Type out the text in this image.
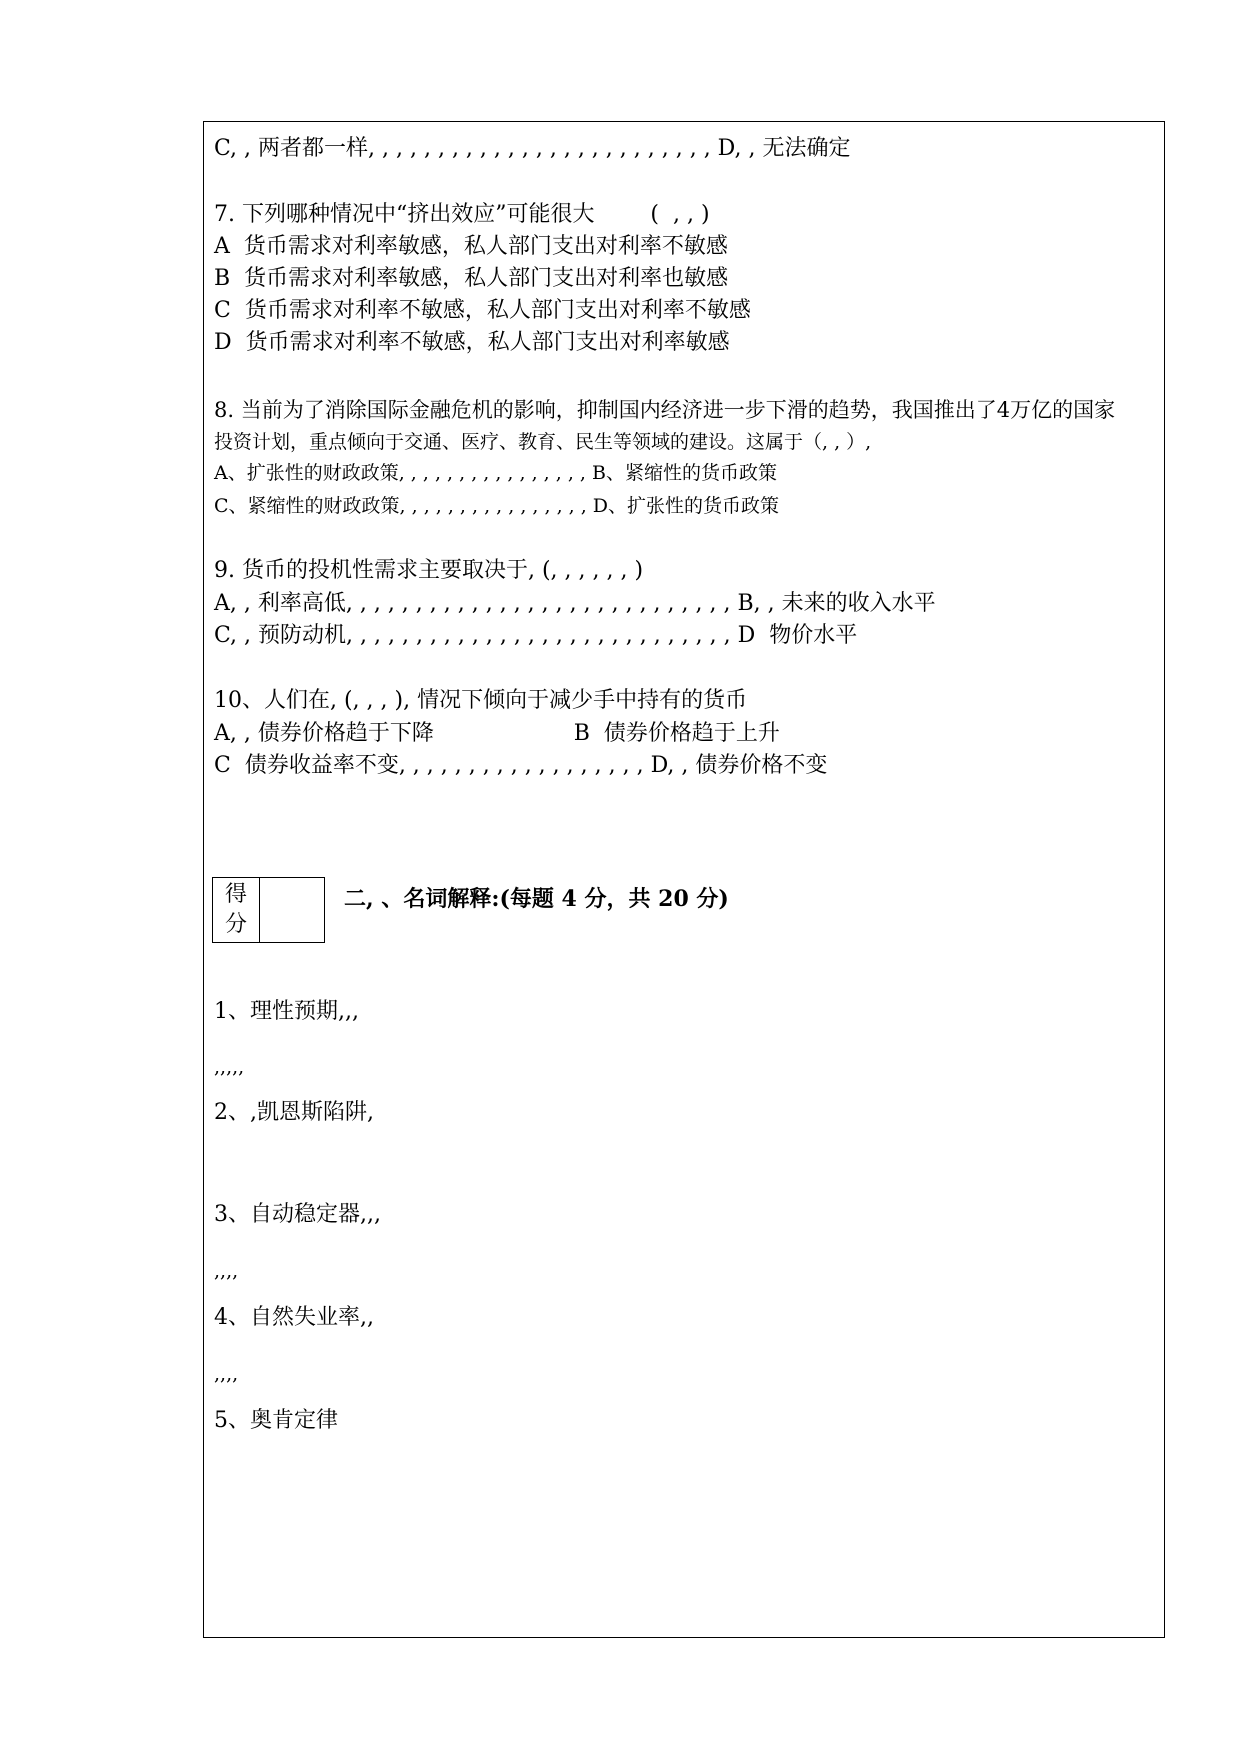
C, , 两者都一样, , , , , , , , , , , , , , , , , , , , , , , , , D, , 无法确定
7. 下列哪种情况中“挤出效应”可能很大        (  , , )
A  货币需求对利率敏感，私人部门支出对利率不敏感
B  货币需求对利率敏感，私人部门支出对利率也敏感
C  货币需求对利率不敏感，私人部门支出对利率不敏感
D  货币需求对利率不敏感，私人部门支出对利率敏感
8. 当前为了消除国际金融危机的影响，抑制国内经济进一步下滑的趋势，我国推出了4万亿的国家
投资计划，重点倾向于交通、医疗、教育、民生等领域的建设。这属于（, , ）,
A、扩张性的财政政策, , , , , , , , , , , , , , , , B、紧缩性的货币政策
C、紧缩性的财政政策, , , , , , , , , , , , , , , , D、扩张性的货币政策
9. 货币的投机性需求主要取决于, (, , , , , , )
A, , 利率高低, , , , , , , , , , , , , , , , , , , , , , , , , , , , B, , 未来的收入水平
C, , 预防动机, , , , , , , , , , , , , , , , , , , , , , , , , , , , D  物价水平
10、人们在, (, , , ), 情况下倾向于减少手中持有的货币
A, , 债券价格趋于下降                    B  债券价格趋于上升
C  债券收益率不变, , , , , , , , , , , , , , , , , , D, , 债券价格不变
得
分
二, 、名词解释:(每题 4 分，共 20 分)
1、理性预期,,,
,,,,,
2、,凯恩斯陷阱,
3、自动稳定器,,,
,,,,
4、自然失业率,,
,,,,
5、奥肯定律
